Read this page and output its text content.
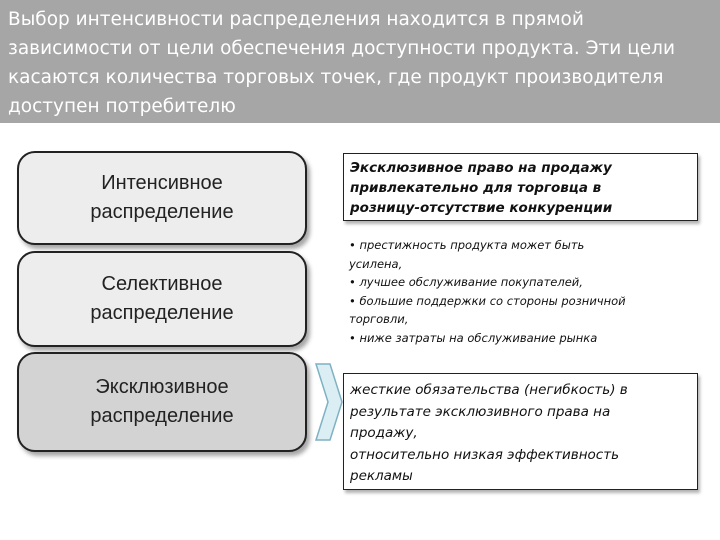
Выбор интенсивности распределения находится в прямой
зависимости от цели обеспечения доступности продукта. Эти цели
касаются количества торговых точек, где продукт производителя
доступен потребителю
Интенсивное
распределение
Селективное
распределение
Эксклюзивное
распределение
Эксклюзивное право на продажу
привлекательно для торговца в
розницу-отсутствие конкуренции
• престижность продукта может быть
усилена,
• лучшее обслуживание покупателей,
• большие поддержки со стороны розничной
торговли,
• ниже затраты на обслуживание рынка
жесткие обязательства (негибкость) в
результате эксклюзивного права на
продажу,
относительно низкая эффективность
рекламы
